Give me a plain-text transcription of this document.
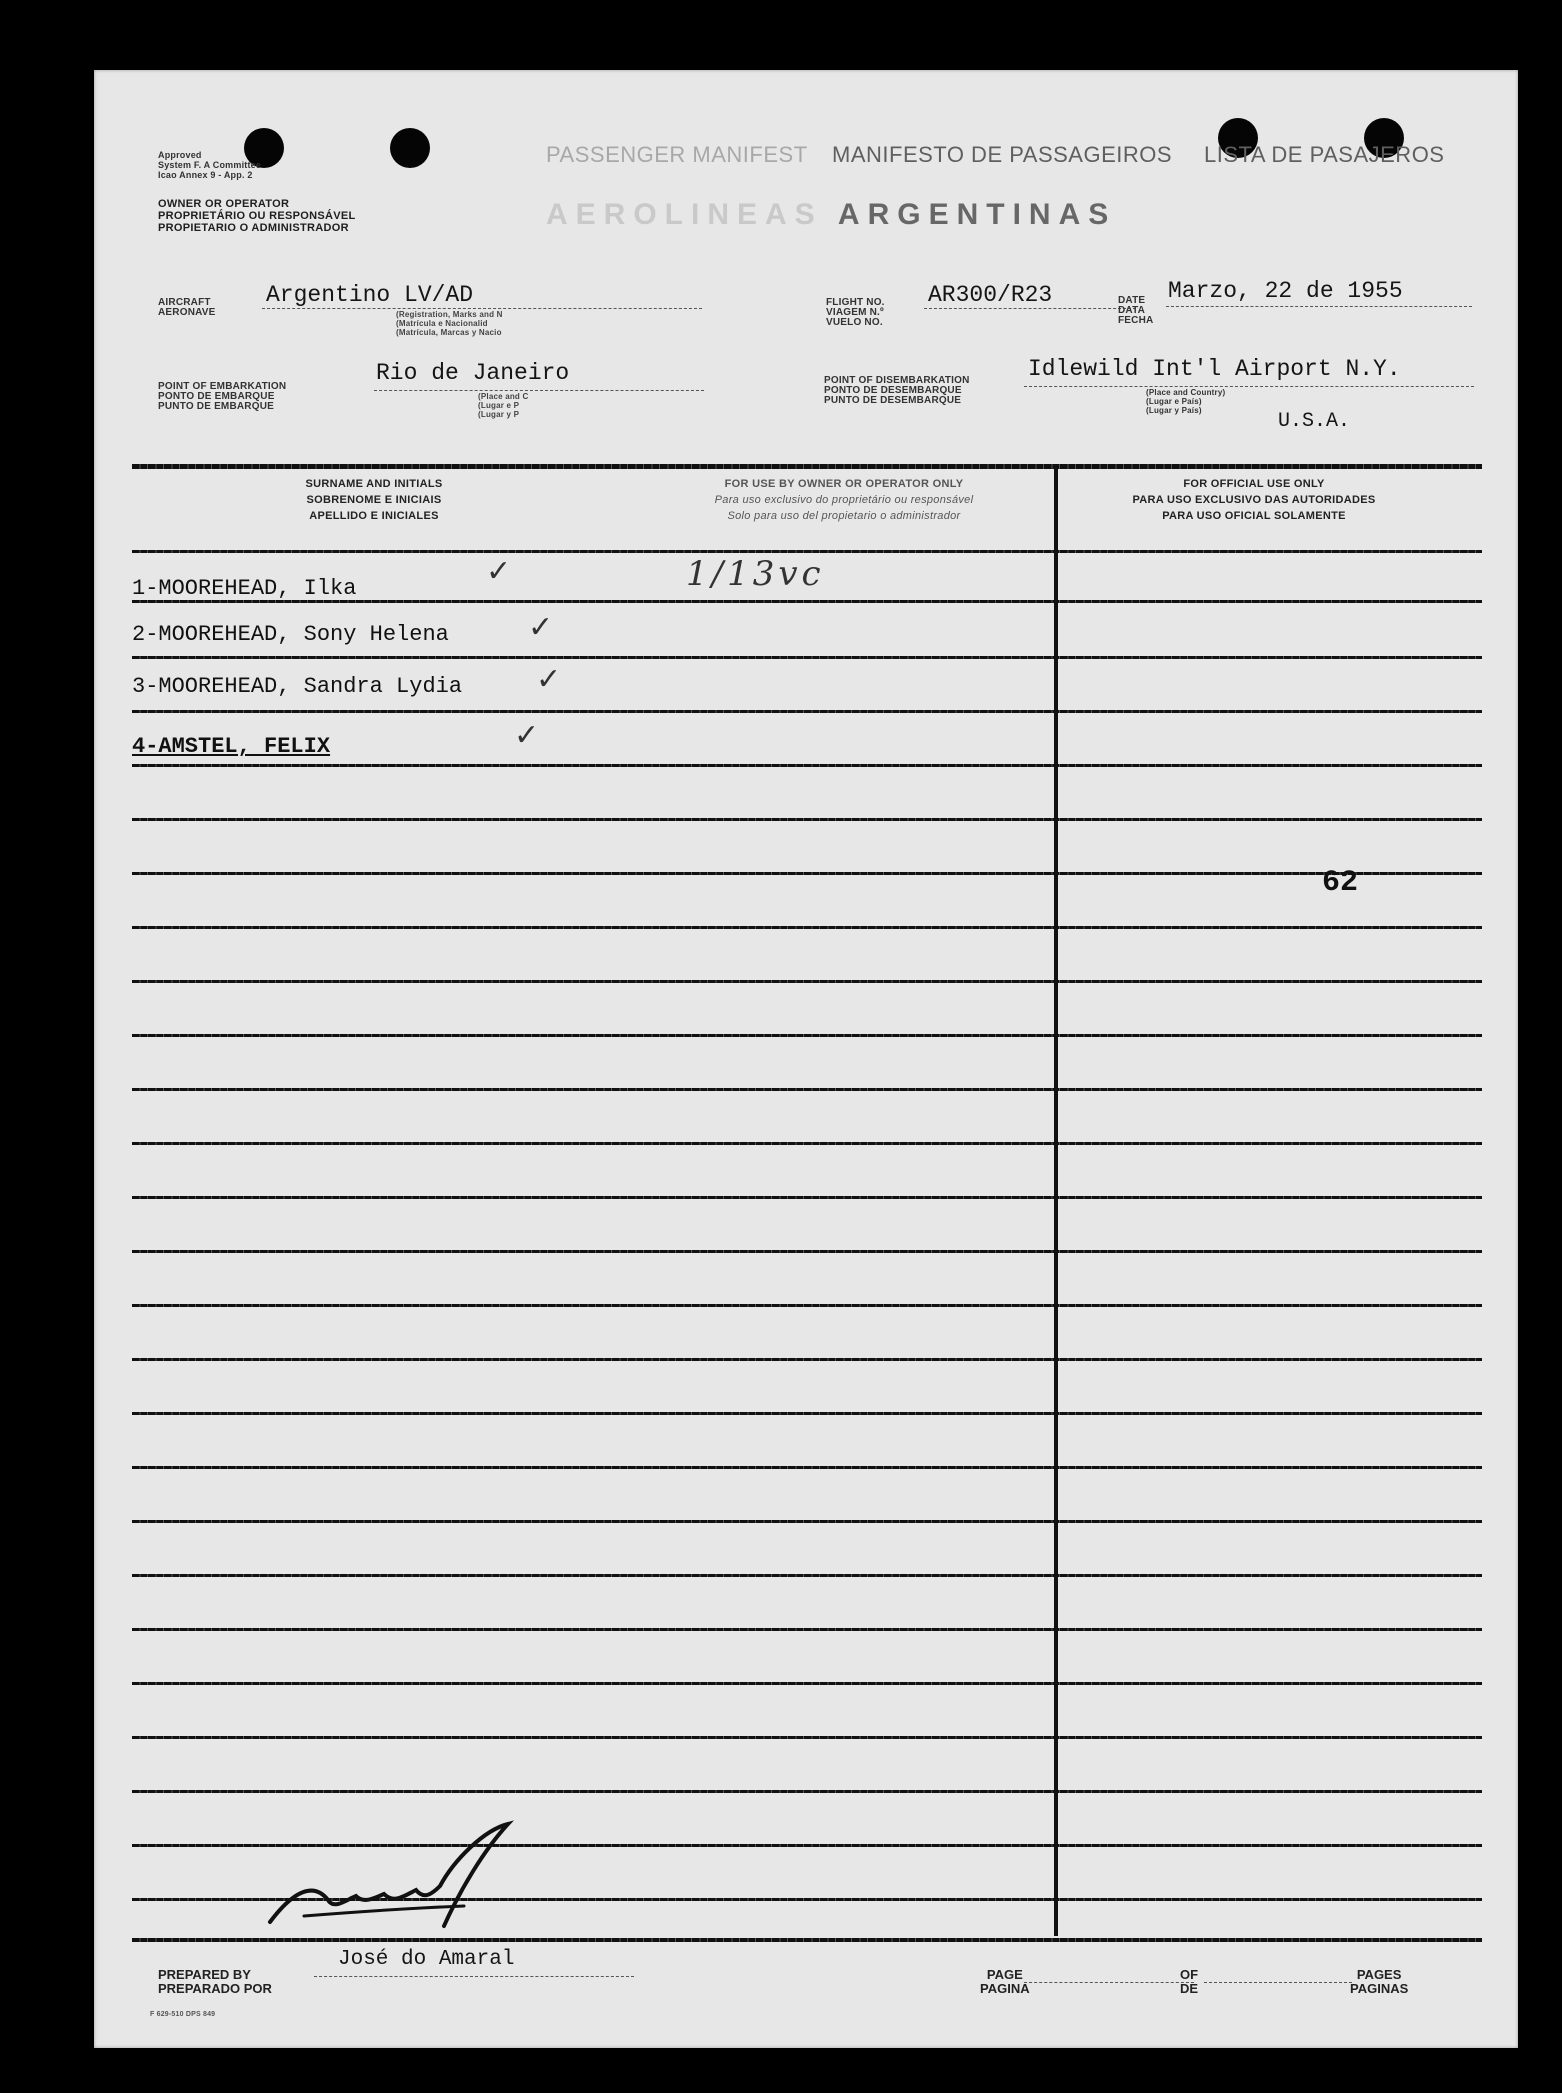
Approved
System F. A Committee
Icao Annex 9 - App. 2
OWNER OR OPERATOR
PROPRIETÁRIO OU RESPONSÁVEL
PROPIETARIO O ADMINISTRADOR
PASSENGER MANIFEST MANIFESTO DE PASSAGEIROS LISTA DE PASAJEROS
AEROLINEAS ARGENTINAS
AIRCRAFT
AERONAVE
Argentino LV/AD
(Registration, Marks and N
(Matrícula e Nacionalid
(Matrícula, Marcas y Nacio
FLIGHT NO.
VIAGEM N.º
VUELO NO.
AR300/R23	DATE
DATA
FECHA
Marzo, 22 de 1955
POINT OF EMBARKATION
PONTO DE EMBARQUE
PUNTO DE EMBARQUE
Rio de Janeiro
(Place and C
(Lugar e P
(Lugar y P
POINT OF DISEMBARKATION
PONTO DE DESEMBARQUE
PUNTO DE DESEMBARQUE
Idlewild Int'l Airport N.Y.
(Place and Country)
(Lugar e País)
(Lugar y País)	U.S.A.
SURNAME AND INITIALS
SOBRENOME E INICIAIS
APELLIDO E INICIALES
FOR USE BY OWNER OR OPERATOR ONLY
Para uso exclusivo do proprietário ou responsável
Solo para uso del propietario o administrador
FOR OFFICIAL USE ONLY
PARA USO EXCLUSIVO DAS AUTORIDADES
PARA USO OFICIAL SOLAMENTE
1-MOOREHEAD, Ilka
2-MOOREHEAD, Sony Helena
3-MOOREHEAD, Sandra Lydia
4-AMSTEL, FELIX
✓
✓
✓
✓
1/13vc
62
PREPARED BY
PREPARADO POR
José do Amaral
PAGE
PAGINA
OF
DE
PAGES
PAGINAS
F 629-510 DPS 849
